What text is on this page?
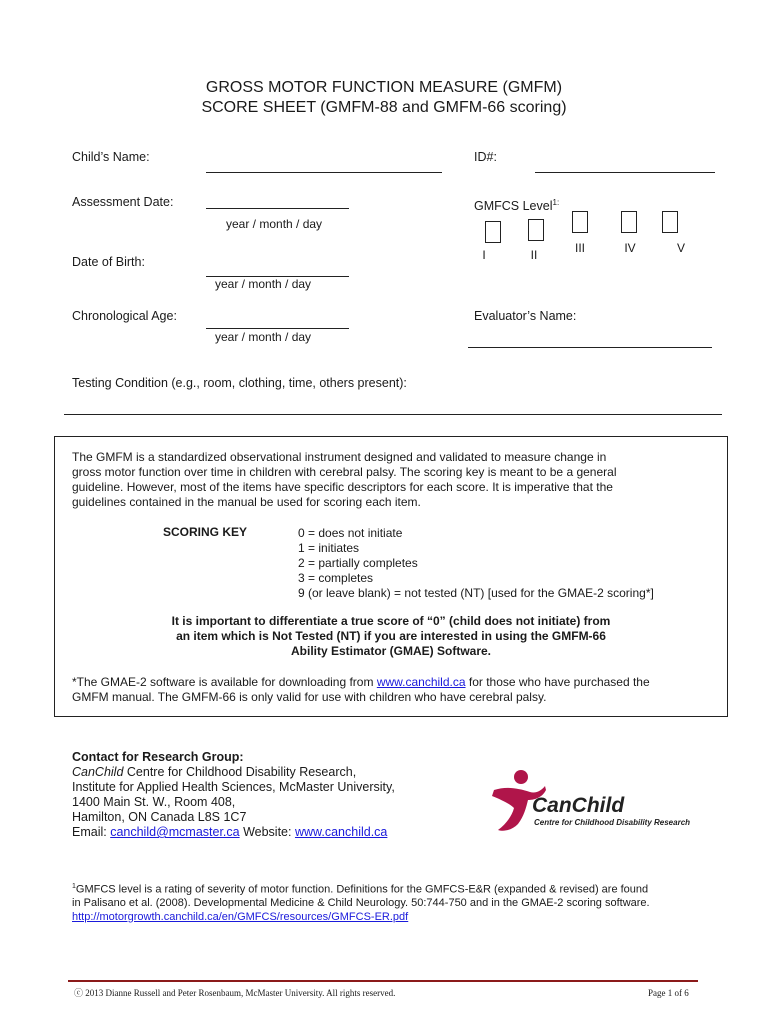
GROSS MOTOR FUNCTION MEASURE (GMFM)
SCORE SHEET (GMFM-88 and GMFM-66 scoring)
Child’s Name:	ID#:
Assessment Date:
year / month / day
GMFCS Level$^{1:}$
I	II	III	IV	V
Date of Birth:
year / month / day
Chronological Age:
year / month / day
Evaluator’s Name:
Testing Condition (e.g., room, clothing, time, others present):
The GMFM is a standardized observational instrument designed and validated to measure change in
gross motor function over time in children with cerebral palsy. The scoring key is meant to be a general
guideline. However, most of the items have specific descriptors for each score. It is imperative that the
guidelines contained in the manual be used for scoring each item.
SCORING KEY	0 = does not initiate
1 = initiates
2 = partially completes
3 = completes
9 (or leave blank) = not tested (NT) [used for the GMAE-2 scoring*]
It is important to differentiate a true score of “0” (child does not initiate) from
an item which is Not Tested (NT) if you are interested in using the GMFM-66
Ability Estimator (GMAE) Software.
*The GMAE-2 software is available for downloading from www.canchild.ca for those who have purchased the
GMFM manual. The GMFM-66 is only valid for use with children who have cerebral palsy.
Contact for Research Group:
CanChild Centre for Childhood Disability Research,
Institute for Applied Health Sciences, McMaster University,
1400 Main St. W., Room 408,
Hamilton, ON Canada L8S 1C7
Email: canchild@mcmaster.ca Website: www.canchild.ca
CanChild
Centre for Childhood Disability Research
$^1$GMFCS level is a rating of severity of motor function. Definitions for the GMFCS-E&R (expanded & revised) are found
in Palisano et al. (2008). Developmental Medicine & Child Neurology. 50:744-750 and in the GMAE-2 scoring software.
http://motorgrowth.canchild.ca/en/GMFCS/resources/GMFCS-ER.pdf
ⓒ 2013 Dianne Russell and Peter Rosenbaum, McMaster University. All rights reserved.	Page 1 of 6
